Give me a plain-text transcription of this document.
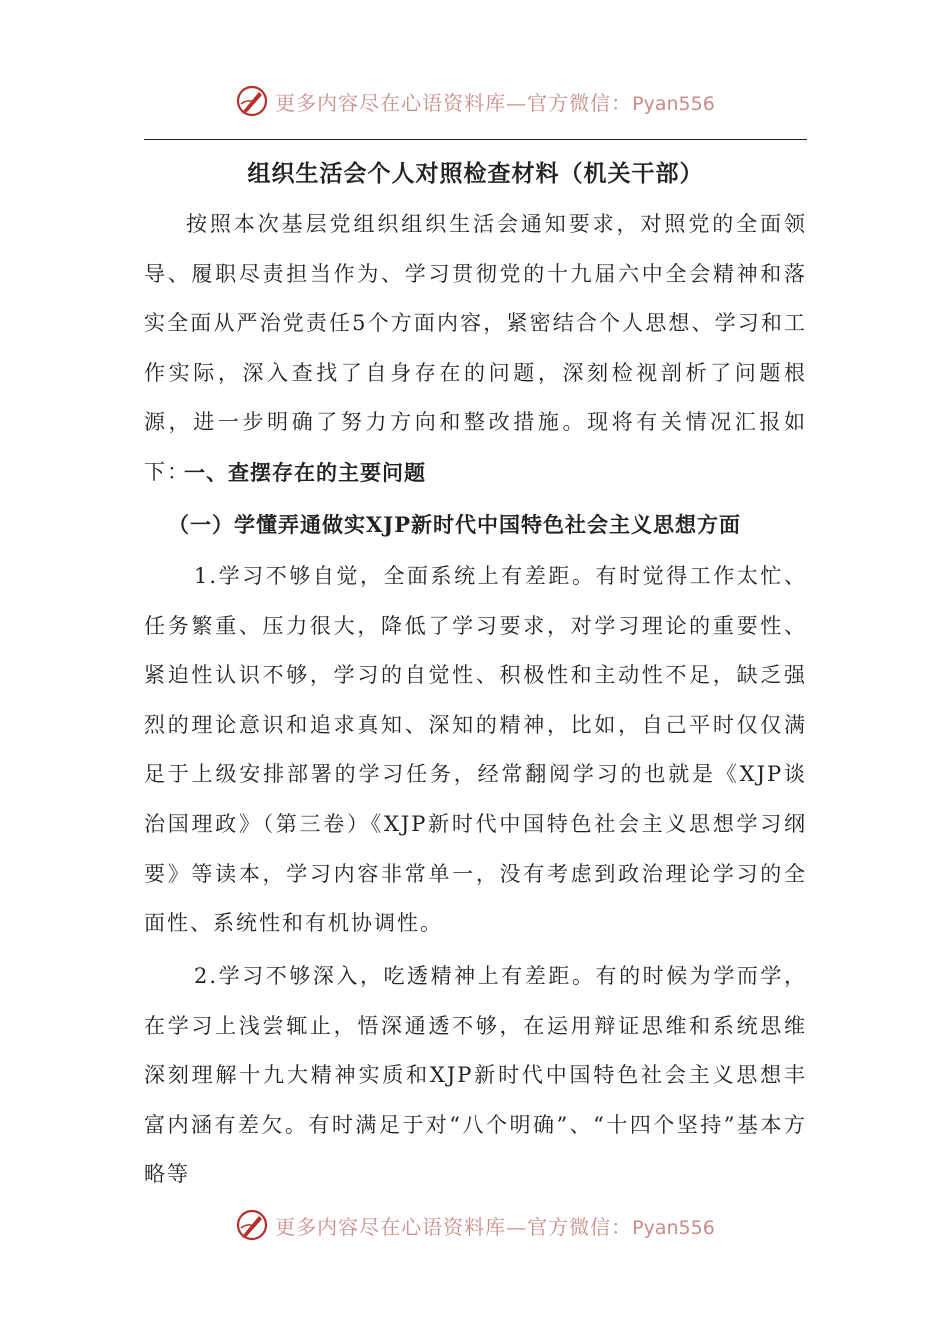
更多内容尽在心语资料库—官方微信：Pyan556
组织生活会个人对照检查材料（机关干部）

按照本次基层党组织组织生活会通知要求，对照党的全面领导、履职尽责担当作为、学习贯彻党的十九届六中全会精神和落实全面从严治党责任5个方面内容，紧密结合个人思想、学习和工作实际，深入查找了自身存在的问题，深刻检视剖析了问题根源，进一步明确了努力方向和整改措施。现将有关情况汇报如下：

一、查摆存在的主要问题
（一）学懂弄通做实XJP新时代中国特色社会主义思想方面

1.学习不够自觉，全面系统上有差距。有时觉得工作太忙、任务繁重、压力很大，降低了学习要求，对学习理论的重要性、紧迫性认识不够，学习的自觉性、积极性和主动性不足，缺乏强烈的理论意识和追求真知、深知的精神，比如，自己平时仅仅满足于上级安排部署的学习任务，经常翻阅学习的也就是《XJP谈治国理政》（第三卷）《XJP新时代中国特色社会主义思想学习纲要》等读本，学习内容非常单一，没有考虑到政治理论学习的全面性、系统性和有机协调性。

2.学习不够深入，吃透精神上有差距。有的时候为学而学，在学习上浅尝辄止，悟深通透不够，在运用辩证思维和系统思维深刻理解十九大精神实质和XJP新时代中国特色社会主义思想丰富内涵有差欠。有时满足于对“八个明确”、“十四个坚持”基本方略等

更多内容尽在心语资料库—官方微信：Pyan556
